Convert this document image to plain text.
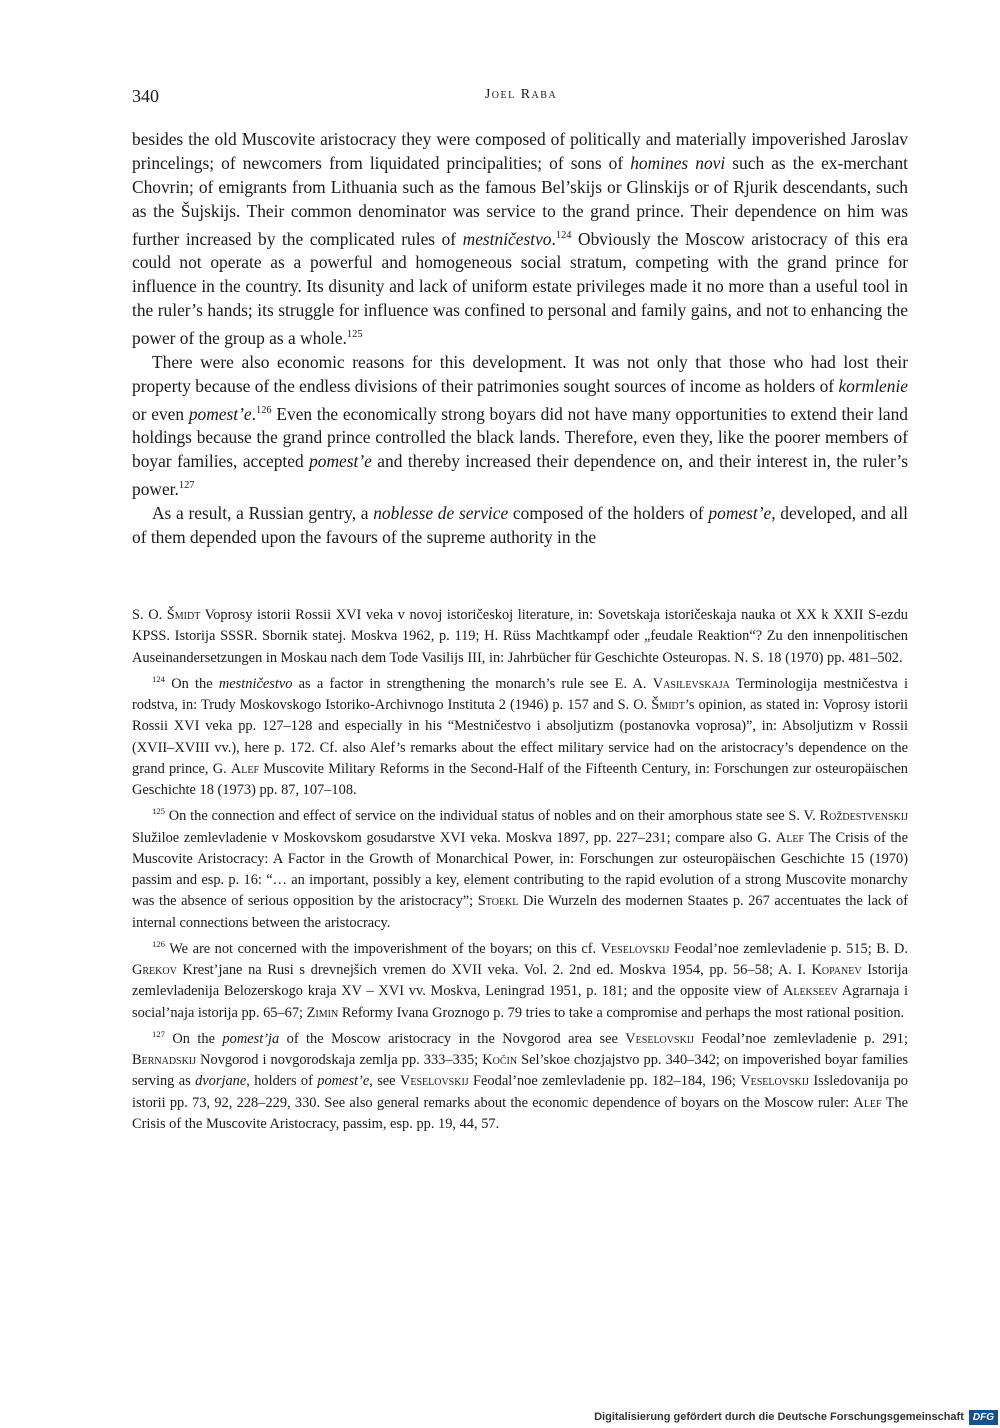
340	Joel Raba

besides the old Muscovite aristocracy they were composed of politically and materially impoverished Jaroslav princelings; of newcomers from liquidated principalities; of sons of homines novi such as the ex-merchant Chovrin; of emigrants from Lithuania such as the famous Bel’skijs or Glinskijs or of Rjurik descendants, such as the Šujskijs. Their common denominator was service to the grand prince. Their dependence on him was further increased by the complicated rules of mestničestvo.$^{124}$ Obviously the Moscow aristocracy of this era could not operate as a powerful and homogeneous social stratum, competing with the grand prince for influence in the country. Its disunity and lack of uniform estate privileges made it no more than a useful tool in the ruler’s hands; its struggle for influence was confined to personal and family gains, and not to enhancing the power of the group as a whole.$^{125}$

There were also economic reasons for this development. It was not only that those who had lost their property because of the endless divisions of their patrimonies sought sources of income as holders of kormlenie or even pomest’e.$^{126}$ Even the economically strong boyars did not have many opportunities to extend their land holdings because the grand prince controlled the black lands. Therefore, even they, like the poorer members of boyar families, accepted pomest’e and thereby increased their dependence on, and their interest in, the ruler’s power.$^{127}$

As a result, a Russian gentry, a noblesse de service composed of the holders of pomest’e, developed, and all of them depended upon the favours of the supreme authority in the

S. O. Šmidt Voprosy istorii Rossii XVI veka v novoj istoričeskoj literature, in: Sovetskaja istoričeskaja nauka ot XX k XXII S-ezdu KPSS. Istorija SSSR. Sbornik statej. Moskva 1962, p. 119; H. Rüss Machtkampf oder „feudale Reaktion“? Zu den innenpolitischen Auseinandersetzungen in Moskau nach dem Tode Vasilijs III, in: Jahrbücher für Geschichte Osteuropas. N. S. 18 (1970) pp. 481–502.

$^{124}$ On the mestničestvo as a factor in strengthening the monarch’s rule see E. A. Vasilevskaja Terminologija mestničestva i rodstva, in: Trudy Moskovskogo Istoriko-Archivnogo Instituta 2 (1946) p. 157 and S. O. Šmidt’s opinion, as stated in: Voprosy istorii Rossii XVI veka pp. 127–128 and especially in his “Mestničestvo i absoljutizm (postanovka voprosa)”, in: Absoljutizm v Rossii (XVII–XVIII vv.), here p. 172. Cf. also Alef’s remarks about the effect military service had on the aristocracy’s dependence on the grand prince, G. Alef Muscovite Military Reforms in the Second-Half of the Fifteenth Century, in: Forschungen zur osteuropäischen Geschichte 18 (1973) pp. 87, 107–108.

$^{125}$ On the connection and effect of service on the individual status of nobles and on their amorphous state see S. V. Roždestvenskij Služiloe zemlevladenie v Moskovskom gosudarstve XVI veka. Moskva 1897, pp. 227–231; compare also G. Alef The Crisis of the Muscovite Aristocracy: A Factor in the Growth of Monarchical Power, in: Forschungen zur osteuropäischen Geschichte 15 (1970) passim and esp. p. 16: “… an important, possibly a key, element contributing to the rapid evolution of a strong Muscovite monarchy was the absence of serious opposition by the aristocracy”; Stoekl Die Wurzeln des modernen Staates p. 267 accentuates the lack of internal connections between the aristocracy.

$^{126}$ We are not concerned with the impoverishment of the boyars; on this cf. Veselovskij Feodal’noe zemlevladenie p. 515; B. D. Grekov Krest’jane na Rusi s drevnejšich vremen do XVII veka. Vol. 2. 2nd ed. Moskva 1954, pp. 56–58; A. I. Kopanev Istorija zemlevladenija Belozerskogo kraja XV – XVI vv. Moskva, Leningrad 1951, p. 181; and the opposite view of Alekseev Agrarnaja i social’naja istorija pp. 65–67; Zimin Reformy Ivana Groznogo p. 79 tries to take a compromise and perhaps the most rational position.

$^{127}$ On the pomest’ja of the Moscow aristocracy in the Novgorod area see Veselovskij Feodal’noe zemlevladenie p. 291; Bernadskij Novgorod i novgorodskaja zemlja pp. 333–335; Kočin Sel’skoe chozjajstvo pp. 340–342; on impoverished boyar families serving as dvorjane, holders of pomest’e, see Veselovskij Feodal’noe zemlevladenie pp. 182–184, 196; Veselovskij Issledovanija po istorii pp. 73, 92, 228–229, 330. See also general remarks about the economic dependence of boyars on the Moscow ruler: Alef The Crisis of the Muscovite Aristocracy, passim, esp. pp. 19, 44, 57.

Digitalisierung gefördert durch die Deutsche Forschungsgemeinschaft DFG
